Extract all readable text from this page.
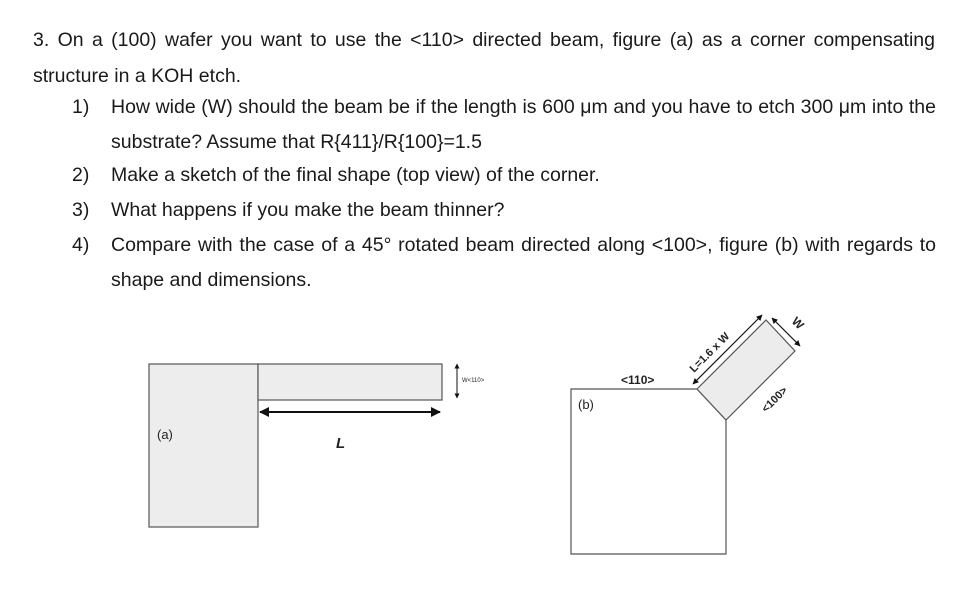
3. On a (100) wafer you want to use the <110> directed beam, figure (a) as a corner compensating structure in a KOH etch.
1) How wide (W) should the beam be if the length is 600 μm and you have to etch 300 μm into the substrate? Assume that R{411}/R{100}=1.5
2) Make a sketch of the final shape (top view) of the corner.
3) What happens if you make the beam thinner?
4) Compare with the case of a 45° rotated beam directed along <100>, figure (b) with regards to shape and dimensions.
(a)
L
W<110>
(b)
<110>
L=1.6 x W
W
<100>
